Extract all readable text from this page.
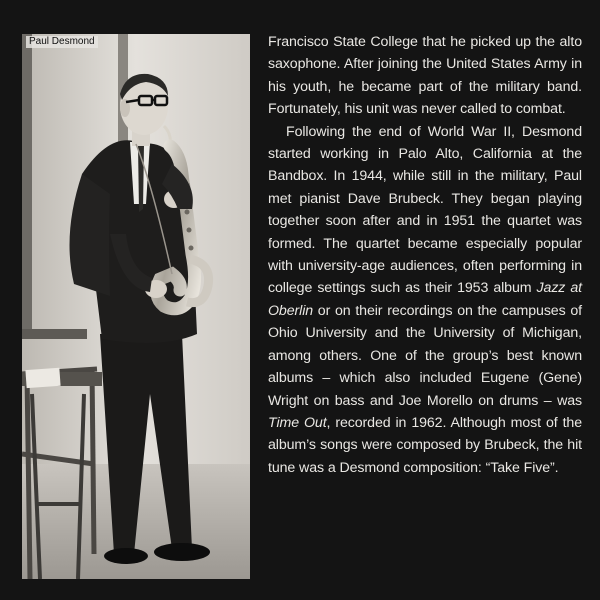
Paul Desmond	Francisco State College that he picked up the alto saxophone. After joining the United States Army in his youth, he became part of the military band. Fortunately, his unit was never called to combat.

Following the end of World War II, Desmond started working in Palo Alto, California at the Bandbox. In 1944, while still in the military, Paul met pianist Dave Brubeck. They began playing together soon after and in 1951 the quartet was formed. The quartet became especially popular with university-age audiences, often performing in college settings such as their 1953 album Jazz at Oberlin or on their recordings on the campuses of Ohio University and the University of Michigan, among others. One of the group’s best known albums – which also included Eugene (Gene) Wright on bass and Joe Morello on drums – was Time Out, recorded in 1962. Although most of the album’s songs were composed by Brubeck, the hit tune was a Desmond composition: “Take Five”.
